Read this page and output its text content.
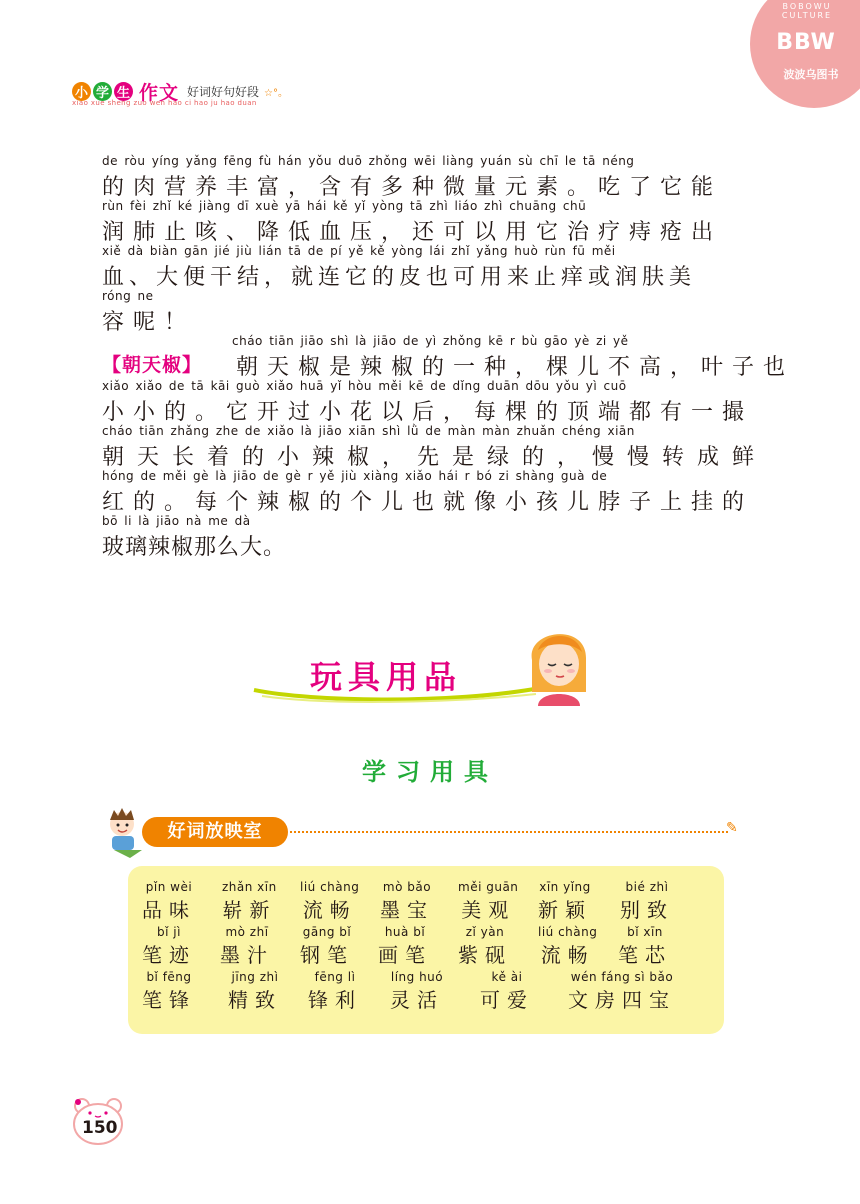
小 学 生 作文 好词好句好段 ☆°。
xiao xue sheng zuo wen hao ci hao ju hao duan
BOBOWU CULTURE
BBW
波波乌图书
de ròu yíng yǎng fēng fù hán yǒu duō zhǒng wēi liàng yuán sù chī le tā néng
的肉营养丰富，含有多种微量元素。吃了它能
rùn fèi zhǐ ké jiàng dī xuè yā hái kě yǐ yòng tā zhì liáo zhì chuāng chū
润肺止咳、降低血压，还可以用它治疗痔疮出
xiě dà biàn gān jié jiù lián tā de pí yě kě yòng lái zhǐ yǎng huò rùn fū měi
血、大便干结，就连它的皮也可用来止痒或润肤美
róng ne
容呢！
cháo tiān jiāo shì là jiāo de yì zhǒng kē r bù gāo yè zi yě
【朝天椒】 朝天椒是辣椒的一种，棵儿不高，叶子也
xiǎo xiǎo de tā kāi guò xiǎo huā yǐ hòu měi kē de dǐng duān dōu yǒu yì cuō
小小的。它开过小花以后，每棵的顶端都有一撮
cháo tiān zhǎng zhe de xiǎo là jiāo xiān shì lǜ de màn màn zhuǎn chéng xiān
朝天长着的小辣椒，先是绿的，慢慢转成鲜
hóng de měi gè là jiāo de gè r yě jiù xiàng xiǎo hái r bó zi shàng guà de
红的。每个辣椒的个儿也就像小孩儿脖子上挂的
bō li là jiāo nà me dà
玻璃辣椒那么大。
玩具用品
学习用具
好词放映室	✎
pǐn wèi
品味
zhǎn xīn
崭新
liú chàng
流畅
mò bǎo
墨宝
měi guān
美观
xīn yǐng
新颖
bié zhì
别致
bǐ jì
笔迹
mò zhī
墨汁
gāng bǐ
钢笔
huà bǐ
画笔
zǐ yàn
紫砚
liú chàng
流畅
bǐ xīn
笔芯
bǐ fēng
笔锋
jīng zhì
精致
fēng lì
锋利
líng huó
灵活
kě ài
可爱
wén fáng sì bǎo
文房四宝
150
